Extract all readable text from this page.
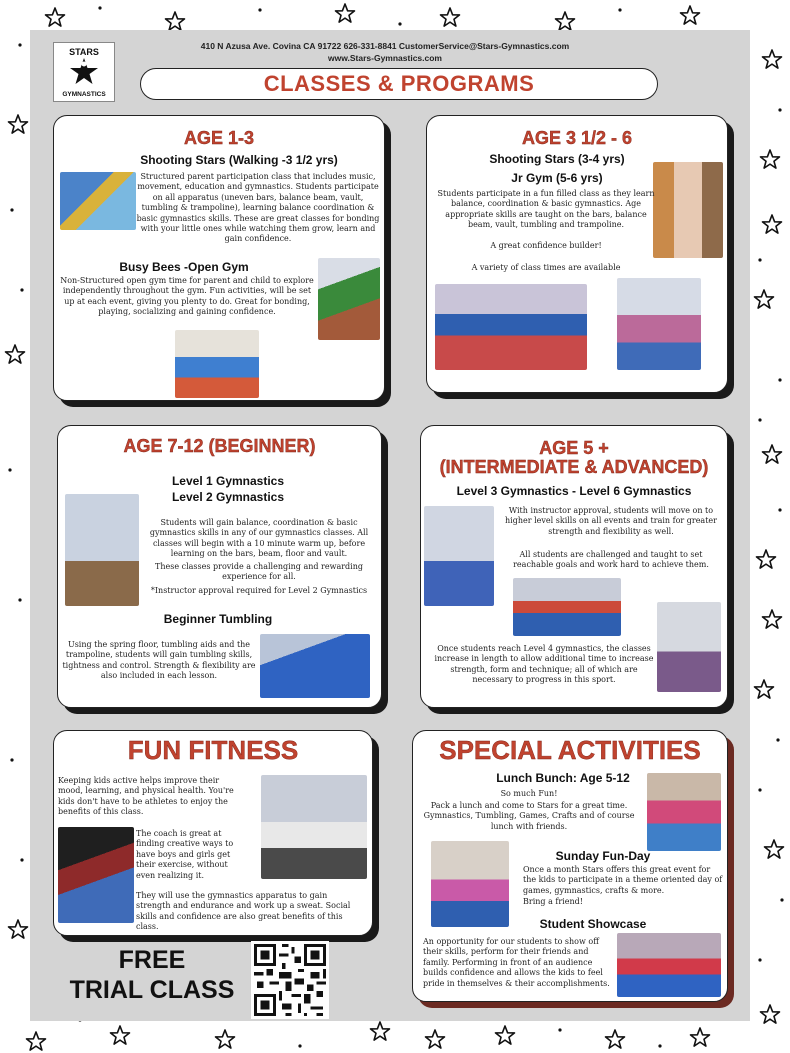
STARS
GYMNASTICS
410 N Azusa Ave. Covina CA 91722 626-331-8841 CustomerService@Stars-Gymnastics.com
www.Stars-Gymnastics.com
CLASSES & PROGRAMS
AGE 1-3
Shooting Stars (Walking -3 1/2 yrs)
Structured parent participation class that includes music, movement, education and gymnastics. Students participate on all apparatus (uneven bars, balance beam, vault, tumbling & trampoline), learning balance coordination & basic gymnastics skills. These are great classes for bonding with your little ones while watching them grow, learn and gain confidence.
Busy Bees -Open Gym
Non-Structured open gym time for parent and child to explore independently throughout the gym. Fun activities, will be set up at each event, giving you plenty to do. Great for bonding, playing, socializing and gaining confidence.
AGE 3 1/2 - 6
Shooting Stars (3-4 yrs)
Jr Gym (5-6 yrs)
Students participate in a fun filled class as they learn balance, coordination & basic gymnastics. Age appropriate skills are taught on the bars, balance beam, vault, tumbling and trampoline.
A great confidence builder!
A variety of class times are available
AGE 7-12 (BEGINNER)
Level 1 Gymnastics
Level 2 Gymnastics
Students will gain balance, coordination & basic gymnastics skills in any of our gymnastics classes. All classes will begin with a 10 minute warm up, before learning on the bars, beam, floor and vault.
These classes provide a challenging and rewarding experience for all.
*Instructor approval required for Level 2 Gymnastics
Beginner Tumbling
Using the spring floor, tumbling aids and the trampoline, students will gain tumbling skills, tightness and control. Strength & flexibility are also included in each lesson.
AGE 5 +
(INTERMEDIATE & ADVANCED)
Level 3 Gymnastics - Level 6 Gymnastics
With instructor approval, students will move on to higher level skills on all events and train for greater strength and flexibility as well.
All students are challenged and taught to set reachable goals and work hard to achieve them.
Once students reach Level 4 gymnastics, the classes increase in length to allow additional time to increase strength, form and technique; all of which are necessary to progress in this sport.
FUN FITNESS
Keeping kids active helps improve their mood, learning, and physical health. You're kids don't have to be athletes to enjoy the benefits of this class.
The coach is great at finding creative ways to have boys and girls get their exercise, without even realizing it.
They will use the gymnastics apparatus to gain strength and endurance and work up a sweat. Social skills and confidence are also great benefits of this class.
SPECIAL ACTIVITIES
Lunch Bunch: Age 5-12
So much Fun!
Pack a lunch and come to Stars for a great time. Gymnastics, Tumbling, Games, Crafts and of course lunch with friends.
Sunday Fun-Day
Once a month Stars offers this great event for the kids to participate in a theme oriented day of games, gymnastics, crafts & more.
Bring a friend!
Student Showcase
An opportunity for our students to show off their skills, perform for their friends and family. Performing in front of an audience builds confidence and allows the kids to feel pride in themselves & their accomplishments.
FREE
TRIAL CLASS
